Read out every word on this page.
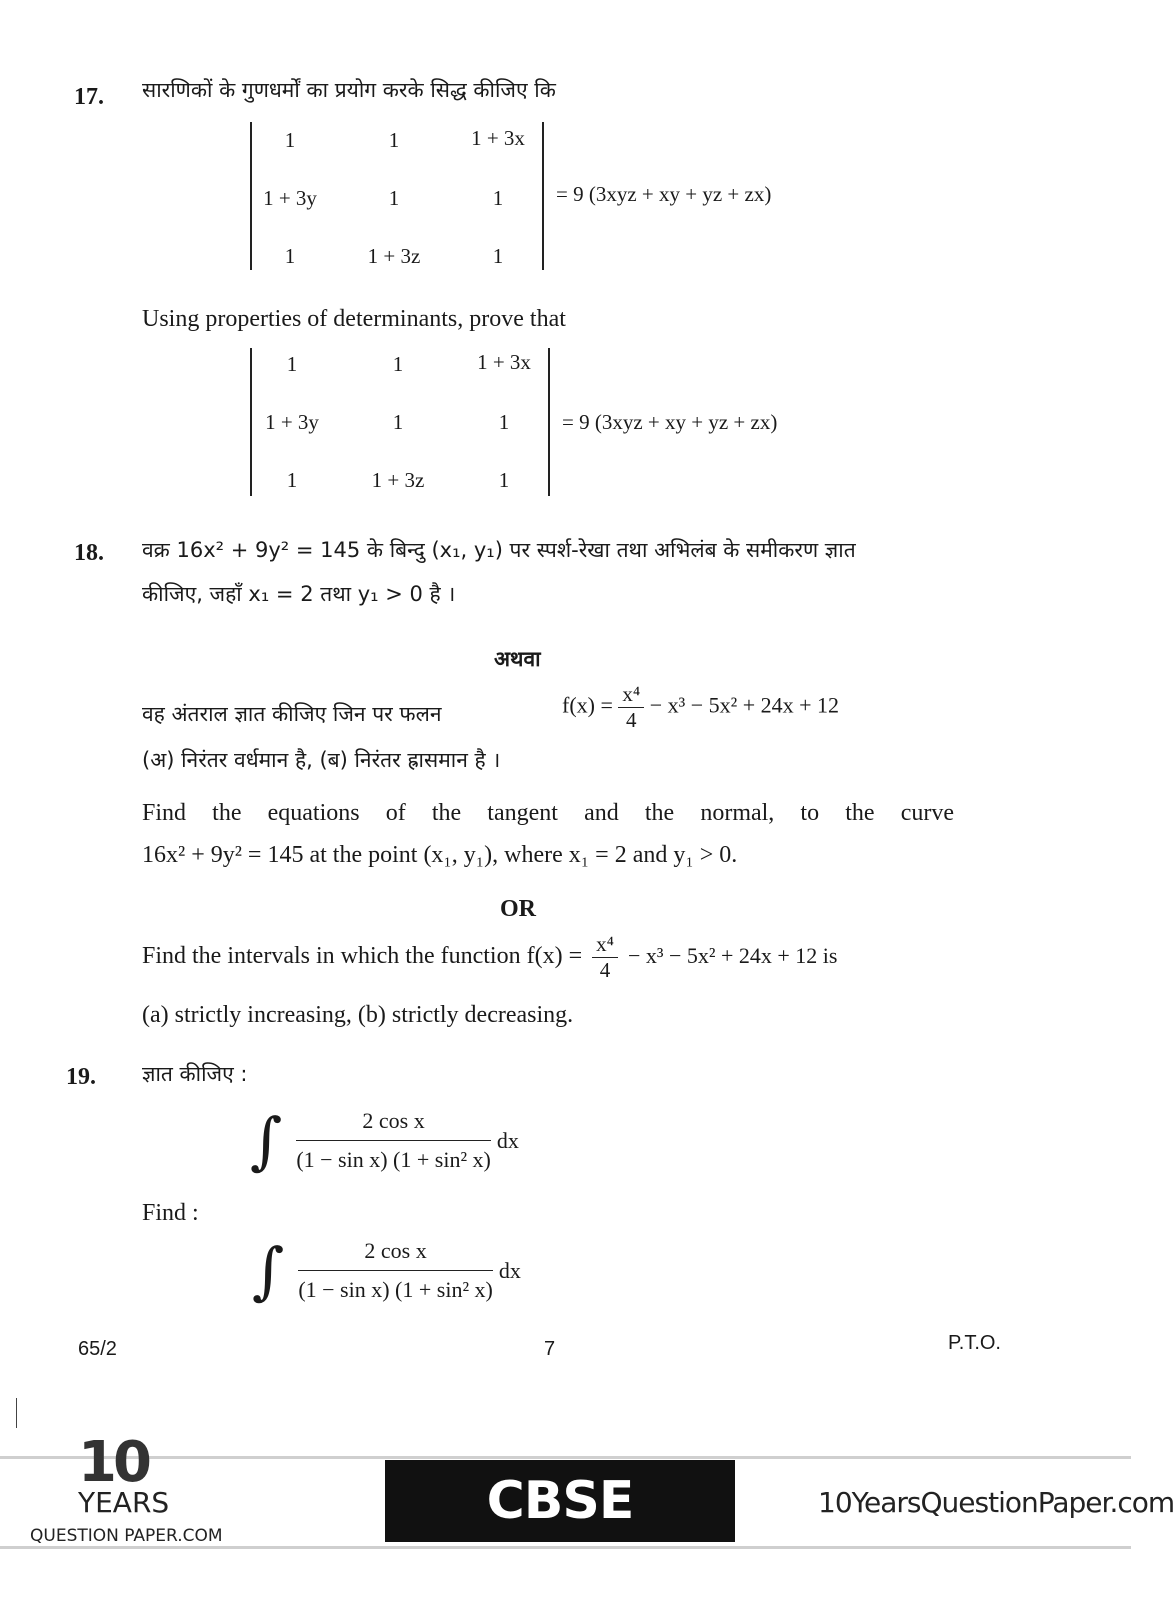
17. सारणिकों के गुणधर्मों का प्रयोग करके सिद्ध कीजिए कि
1	1	1 + 3x
1 + 3y	1	1
1	1 + 3z	1
= 9 (3xyz + xy + yz + zx)
Using properties of determinants, prove that
1	1	1 + 3x
1 + 3y	1	1
1	1 + 3z	1
= 9 (3xyz + xy + yz + zx)
18. वक्र 16x² + 9y² = 145 के बिन्दु (x₁, y₁) पर स्पर्श-रेखा तथा अभिलंब के समीकरण ज्ञात
कीजिए, जहाँ x₁ = 2 तथा y₁ > 0 है ।
अथवा
वह अंतराल ज्ञात कीजिए जिन पर फलन	$f(x) = \frac{\text{x⁴}}{4} - x^3 - 5x^2 + 24x + 12$
(अ) निरंतर वर्धमान है, (ब) निरंतर ह्रासमान है ।
Find the equations of the tangent and the normal, to the curve
16x² + 9y² = 145 at the point (x₁, y₁), where x₁ = 2 and y₁ > 0.
OR
Find the intervals in which the function $f(x) = \frac{\text{x⁴}}{4} - x^3 - 5x^2 + 24x + 12$ is
(a) strictly increasing, (b) strictly decreasing.
19. ज्ञात कीजिए :
∫ $\frac{\text{2 cos x}}{\text{(1 − sin x) (1 + sin² x)}}$ dx
Find :
∫ $\frac{\text{2 cos x}}{\text{(1 − sin x) (1 + sin² x)}}$ dx
65/2	7	P.T.O.
10
YEARS
QUESTION PAPER.COM
CBSE BOARD XII
10YearsQuestionPaper.com
